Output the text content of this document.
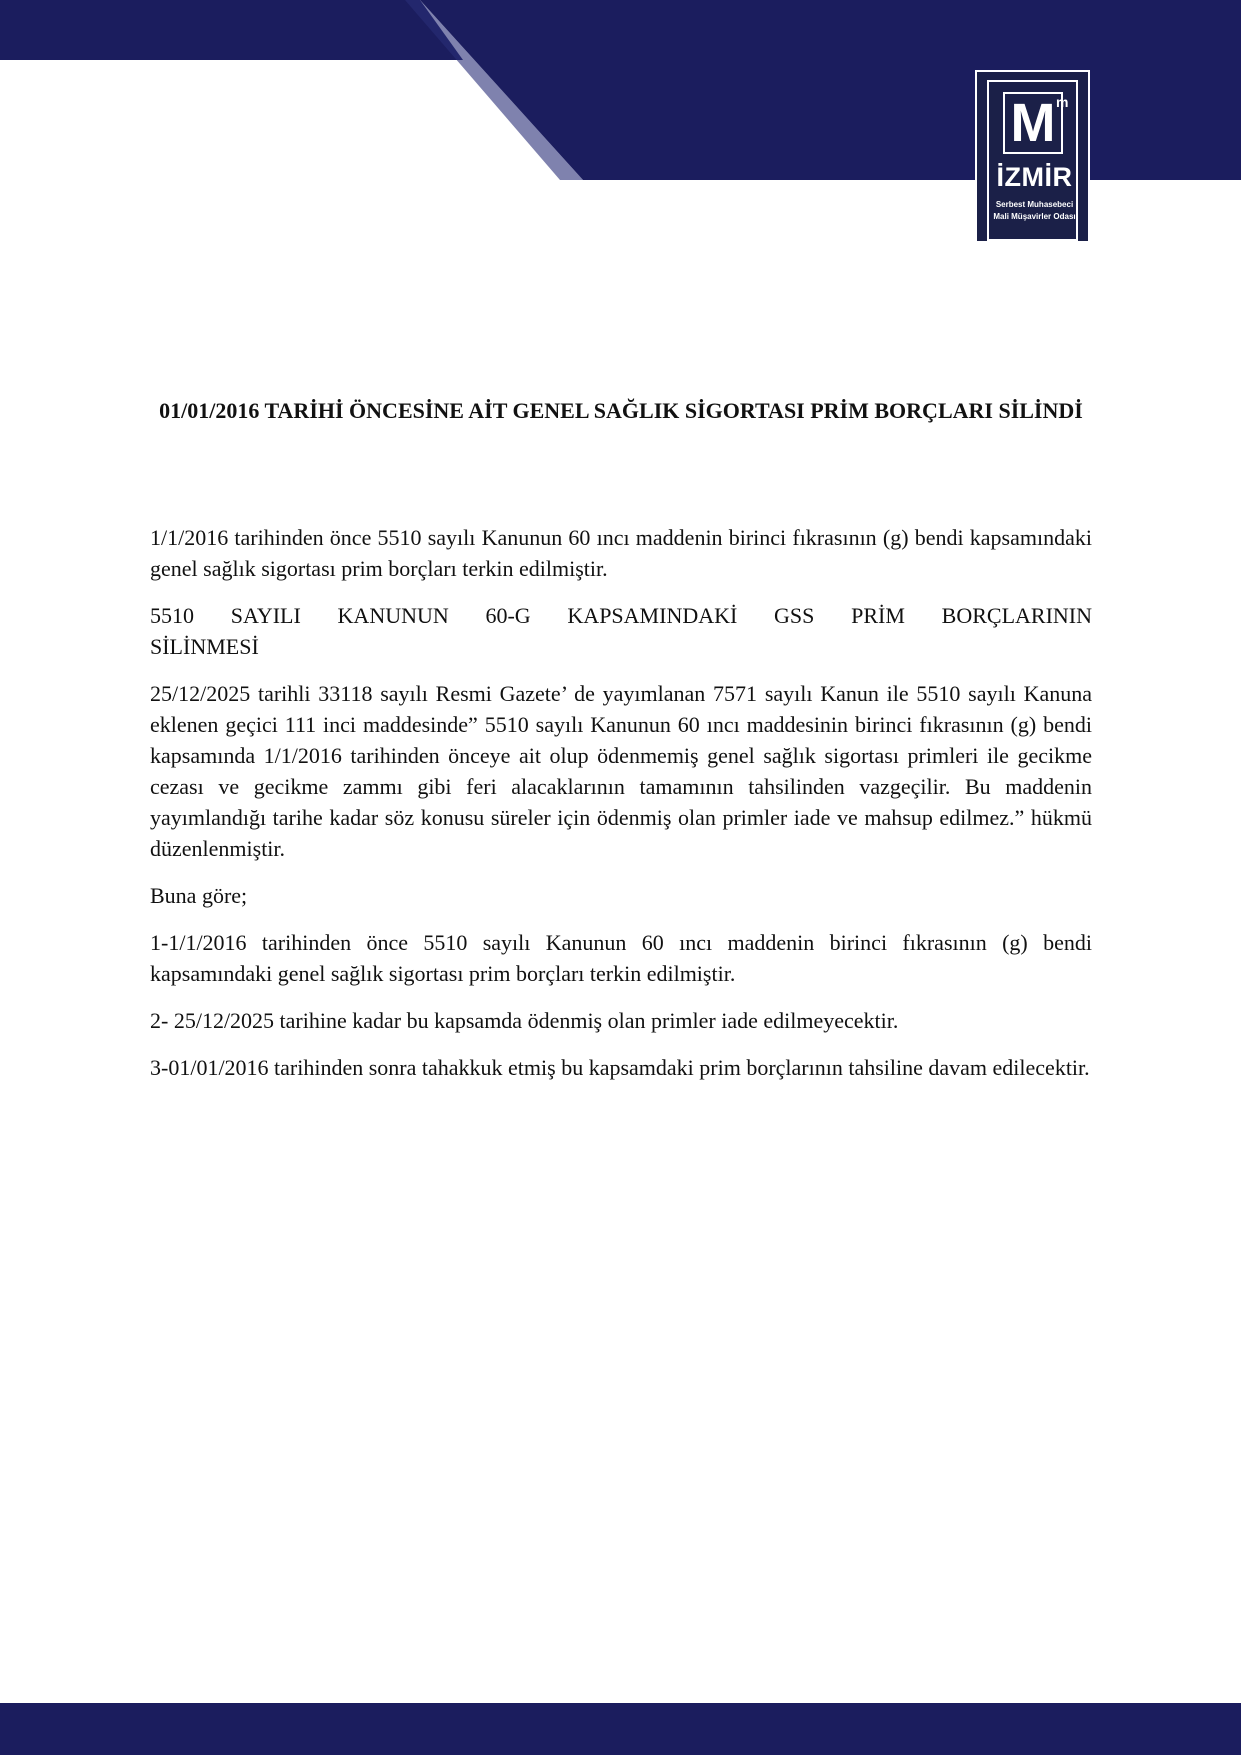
M m
İZMİR
Serbest Muhasebeci
Mali Müşavirler Odası
01/01/2016 TARİHİ ÖNCESİNE AİT GENEL SAĞLIK SİGORTASI PRİM BORÇLARI SİLİNDİ

1/1/2016 tarihinden önce 5510 sayılı Kanunun 60 ıncı maddenin birinci fıkrasının (g) bendi kapsamındaki genel sağlık sigortası prim borçları terkin edilmiştir.

5510 SAYILI KANUNUN 60-G KAPSAMINDAKİ GSS PRİM BORÇLARININ
SİLİNMESİ

25/12/2025 tarihli 33118 sayılı Resmi Gazete’ de yayımlanan 7571 sayılı Kanun ile 5510 sayılı Kanuna eklenen geçici 111 inci maddesinde” 5510 sayılı Kanunun 60 ıncı maddesinin birinci fıkrasının (g) bendi kapsamında 1/1/2016 tarihinden önceye ait olup ödenmemiş genel sağlık sigortası primleri ile gecikme cezası ve gecikme zammı gibi feri alacaklarının tamamının tahsilinden vazgeçilir. Bu maddenin yayımlandığı tarihe kadar söz konusu süreler için ödenmiş olan primler iade ve mahsup edilmez.” hükmü düzenlenmiştir.

Buna göre;

1-1/1/2016 tarihinden önce 5510 sayılı Kanunun 60 ıncı maddenin birinci fıkrasının (g) bendi kapsamındaki genel sağlık sigortası prim borçları terkin edilmiştir.

2- 25/12/2025 tarihine kadar bu kapsamda ödenmiş olan primler iade edilmeyecektir.

3-01/01/2016 tarihinden sonra tahakkuk etmiş bu kapsamdaki prim borçlarının tahsiline davam edilecektir.
